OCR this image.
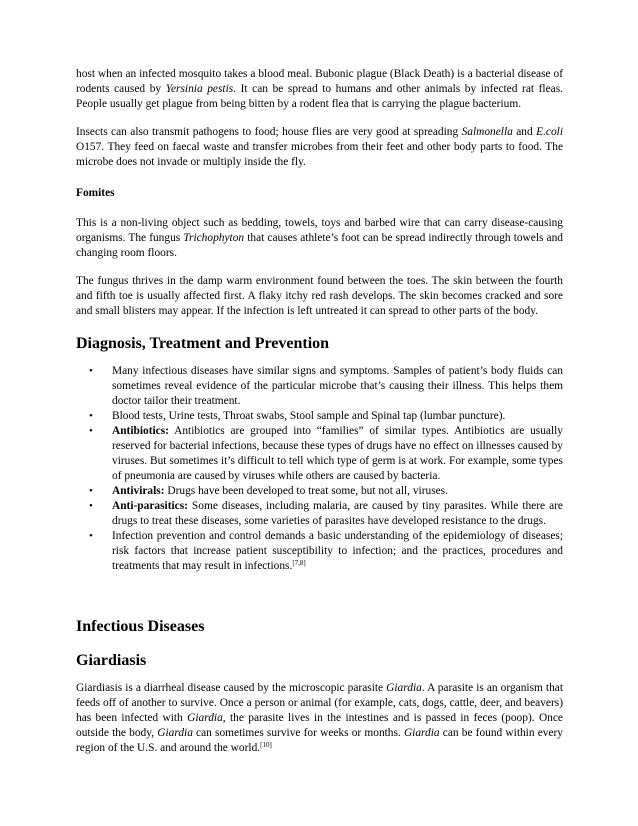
host when an infected mosquito takes a blood meal. Bubonic plague (Black Death) is a bacterial disease of rodents caused by Yersinia pestis. It can be spread to humans and other animals by infected rat fleas. People usually get plague from being bitten by a rodent flea that is carrying the plague bacterium.

Insects can also transmit pathogens to food; house flies are very good at spreading Salmonella and E.coli O157. They feed on faecal waste and transfer microbes from their feet and other body parts to food. The microbe does not invade or multiply inside the fly.

Fomites

This is a non-living object such as bedding, towels, toys and barbed wire that can carry disease-causing organisms. The fungus Trichophyton that causes athlete’s foot can be spread indirectly through towels and changing room floors.

The fungus thrives in the damp warm environment found between the toes. The skin between the fourth and fifth toe is usually affected first. A flaky itchy red rash develops. The skin becomes cracked and sore and small blisters may appear. If the infection is left untreated it can spread to other parts of the body.

Diagnosis, Treatment and Prevention
• Many infectious diseases have similar signs and symptoms. Samples of patient’s body fluids can sometimes reveal evidence of the particular microbe that’s causing their illness. This helps them doctor tailor their treatment.
• Blood tests, Urine tests, Throat swabs, Stool sample and Spinal tap (lumbar puncture).
• Antibiotics: Antibiotics are grouped into “families” of similar types. Antibiotics are usually reserved for bacterial infections, because these types of drugs have no effect on illnesses caused by viruses. But sometimes it’s difficult to tell which type of germ is at work. For example, some types of pneumonia are caused by viruses while others are caused by bacteria.
• Antivirals: Drugs have been developed to treat some, but not all, viruses.
• Anti-parasitics: Some diseases, including malaria, are caused by tiny parasites. While there are drugs to treat these diseases, some varieties of parasites have developed resistance to the drugs.
• Infection prevention and control demands a basic understanding of the epidemiology of diseases; risk factors that increase patient susceptibility to infection; and the practices, procedures and treatments that may result in infections.[7,8]
Infectious Diseases
Giardiasis

Giardiasis is a diarrheal disease caused by the microscopic parasite Giardia. A parasite is an organism that feeds off of another to survive. Once a person or animal (for example, cats, dogs, cattle, deer, and beavers) has been infected with Giardia, the parasite lives in the intestines and is passed in feces (poop). Once outside the body, Giardia can sometimes survive for weeks or months. Giardia can be found within every region of the U.S. and around the world.[10]
